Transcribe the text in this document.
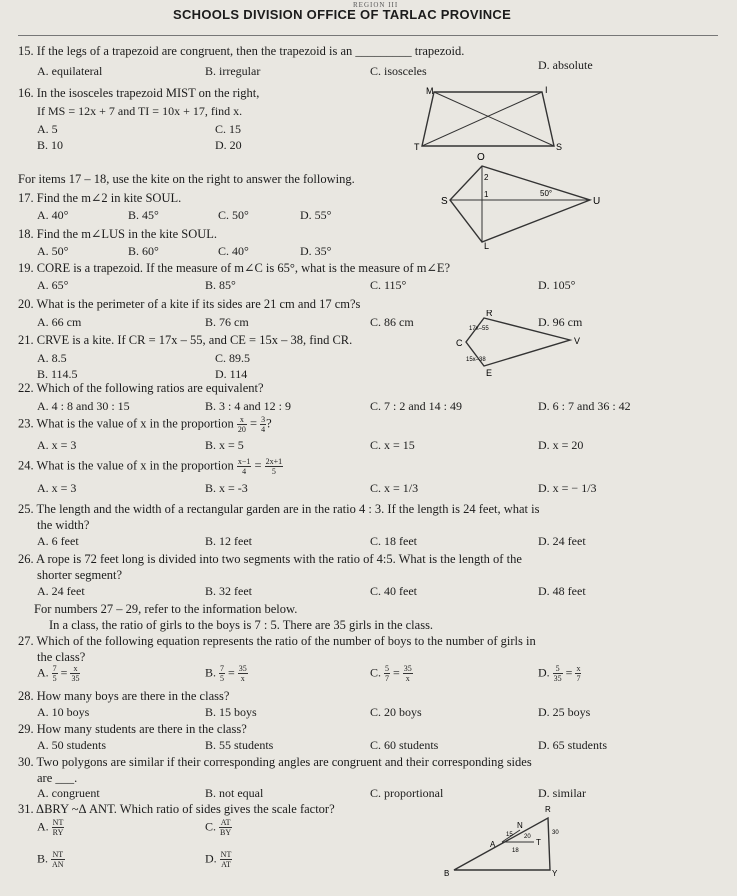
REGION III
SCHOOLS DIVISION OFFICE OF TARLAC PROVINCE
15. If the legs of a trapezoid are congruent, then the trapezoid is an _________ trapezoid.
A. equilateral	B. irregular	C. isosceles	D. absolute
16. In the isosceles trapezoid MIST on the right,
If MS = 12x + 7 and TI = 10x + 17, find x.
A. 5	C. 15
B. 10	D. 20
M	I
T	S
For items 17 – 18, use the kite on the right to answer the following.
17. Find the m∠2 in kite SOUL.
A. 40°	B. 45°	C. 50°	D. 55°
18. Find the m∠LUS in the kite SOUL.
A. 50°	B. 60°	C. 40°	D. 35°
O
S	U
L
2
1	50°
19. CORE is a trapezoid. If the measure of m∠C is 65°, what is the measure of m∠E?
A. 65°	B. 85°	C. 115°	D. 105°
20. What is the perimeter of a kite if its sides are 21 cm and 17 cm?s
A. 66 cm	B. 76 cm	C. 86 cm	D. 96 cm
21. CRVE is a kite. If CR = 17x – 55, and CE = 15x – 38, find CR.
A. 8.5	C. 89.5
B. 114.5	D. 114
R
C	V
E
17x–55
15x–38
22. Which of the following ratios are equivalent?
A. 4 : 8 and 30 : 15	B. 3 : 4 and 12 : 9	C. 7 : 2 and 14 : 49	D. 6 : 7 and 36 : 42
23. What is the value of x in the proportion $\frac{x}{20} = \frac{3}{4}$ ?
A. x = 3	B. x = 5	C. x = 15	D. x = 20
24. What is the value of x in the proportion $\frac{x-1}{4} = \frac{2x+1}{5}$
A. x = 3	B. x = -3	C. x = 1/3	D. x = − 1/3
25. The length and the width of a rectangular garden are in the ratio 4 : 3. If the length is 24 feet, what is
the width?
A. 6 feet	B. 12 feet	C. 18 feet	D. 24 feet
26. A rope is 72 feet long is divided into two segments with the ratio of 4:5. What is the length of the
shorter segment?
A. 24 feet	B. 32 feet	C. 40 feet	D. 48 feet
For numbers 27 – 29, refer to the information below.
In a class, the ratio of girls to the boys is 7 : 5. There are 35 girls in the class.
27. Which of the following equation represents the ratio of the number of boys to the number of girls in
the class?
A. $\frac{7}{5} = \frac{x}{35}$	B. $\frac{7}{5} = \frac{35}{x}$	C. $\frac{5}{7} = \frac{35}{x}$	D. $\frac{5}{35} = \frac{x}{7}$
28. How many boys are there in the class?
A. 10 boys	B. 15 boys	C. 20 boys	D. 25 boys
29. How many students are there in the class?
A. 50 students	B. 55 students	C. 60 students	D. 65 students
30. Two polygons are similar if their corresponding angles are congruent and their corresponding sides
are ___.
A. congruent	B. not equal	C. proportional	D. similar
31. ΔBRY ~Δ ANT. Which ratio of sides gives the scale factor?
A. $\frac{NT}{RY}$	C. $\frac{AT}{BY}$
B. $\frac{NT}{AN}$	D. $\frac{NT}{AT}$
R
N
A	T
B	Y
15	30
20
18
